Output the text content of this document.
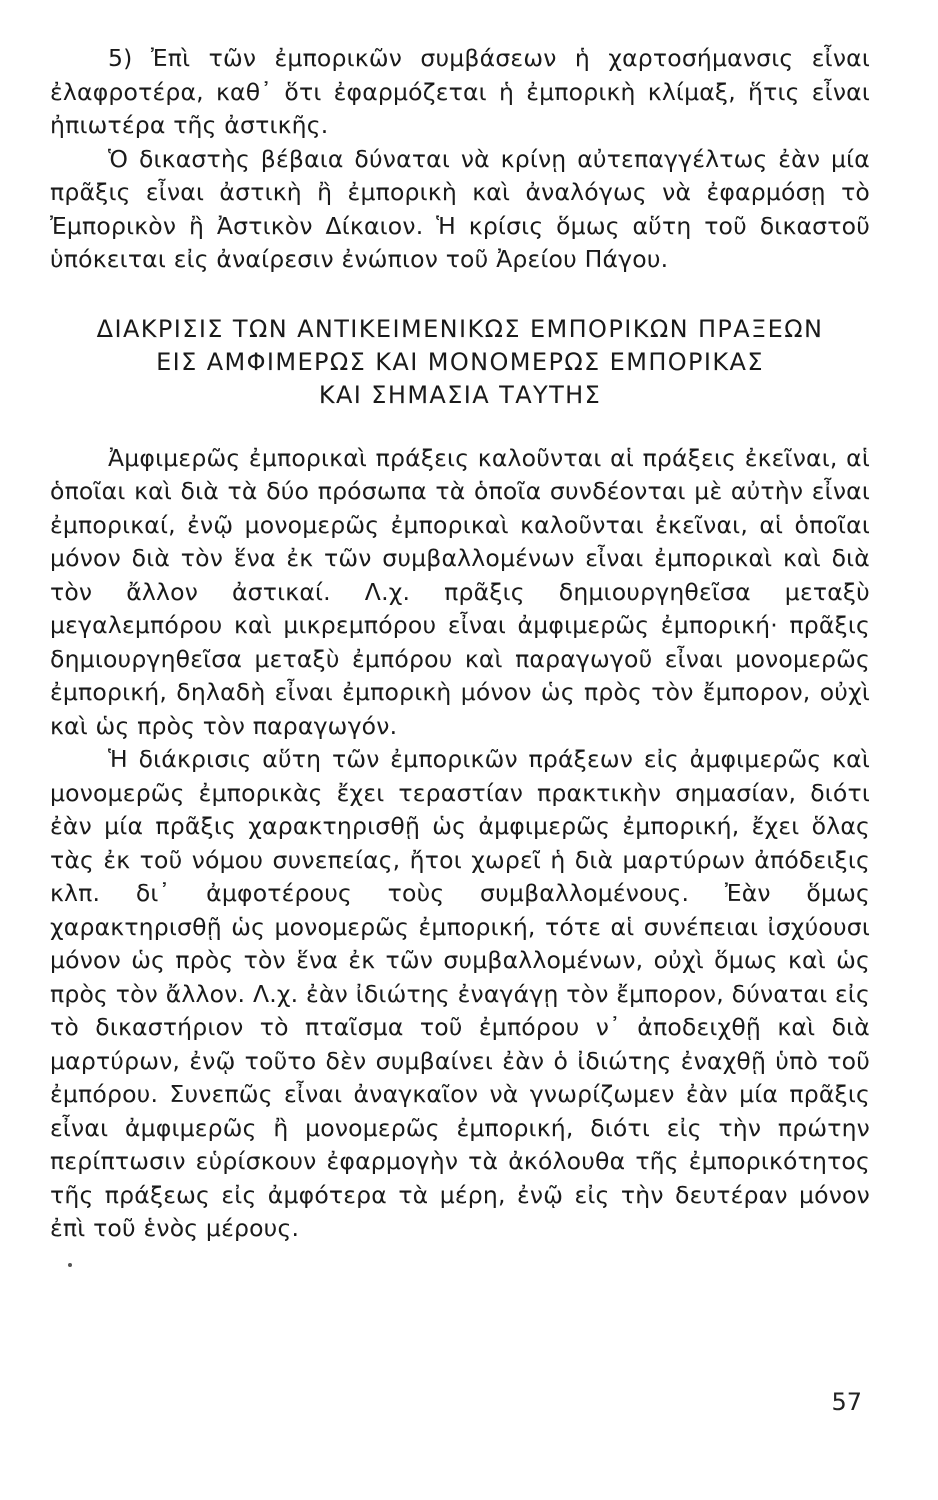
5) Ἐπὶ τῶν ἐμπορικῶν συμβάσεων ἡ χαρτοσήμανσις εἶναι ἐλαφροτέρα, καθ᾿ ὅτι ἐφαρμόζεται ἡ ἐμπορικὴ κλίμαξ, ἥτις εἶναι ἠπιωτέρα τῆς ἀστικῆς.

Ὁ δικαστὴς βέβαια δύναται νὰ κρίνῃ αὐτεπαγγέλτως ἐὰν μία πρᾶξις εἶναι ἀστικὴ ἢ ἐμπορικὴ καὶ ἀναλόγως νὰ ἐφαρμόσῃ τὸ Ἐμπορικὸν ἢ Ἀστικὸν Δίκαιον. Ἡ κρίσις ὅμως αὕτη τοῦ δικαστοῦ ὑπόκειται εἰς ἀναίρεσιν ἐνώπιον τοῦ Ἀρείου Πάγου.

ΔΙΑΚΡΙΣΙΣ ΤΩΝ ΑΝΤΙΚΕΙΜΕΝΙΚΩΣ ΕΜΠΟΡΙΚΩΝ ΠΡΑΞΕΩΝ
ΕΙΣ ΑΜΦΙΜΕΡΩΣ ΚΑΙ ΜΟΝΟΜΕΡΩΣ ΕΜΠΟΡΙΚΑΣ
ΚΑΙ ΣΗΜΑΣΙΑ ΤΑΥΤΗΣ

Ἀμφιμερῶς ἐμπορικαὶ πράξεις καλοῦνται αἱ πράξεις ἐκεῖναι, αἱ ὁποῖαι καὶ διὰ τὰ δύο πρόσωπα τὰ ὁποῖα συνδέονται μὲ αὐτὴν εἶναι ἐμπορικαί, ἐνῷ μονομερῶς ἐμπορικαὶ καλοῦνται ἐκεῖναι, αἱ ὁποῖαι μόνον διὰ τὸν ἕνα ἐκ τῶν συμβαλλομένων εἶναι ἐμπορικαὶ καὶ διὰ τὸν ἄλλον ἀστικαί. Λ.χ. πρᾶξις δημιουργηθεῖσα μεταξὺ μεγαλεμπόρου καὶ μικρεμπόρου εἶναι ἀμφιμερῶς ἐμπορική· πρᾶξις δημιουργηθεῖσα μεταξὺ ἐμπόρου καὶ παραγωγοῦ εἶναι μονομερῶς ἐμπορική, δηλαδὴ εἶναι ἐμπορικὴ μόνον ὡς πρὸς τὸν ἔμπορον, οὐχὶ καὶ ὡς πρὸς τὸν παραγωγόν.

Ἡ διάκρισις αὕτη τῶν ἐμπορικῶν πράξεων εἰς ἀμφιμερῶς καὶ μονομερῶς ἐμπορικὰς ἔχει τεραστίαν πρακτικὴν σημασίαν, διότι ἐὰν μία πρᾶξις χαρακτηρισθῇ ὡς ἀμφιμερῶς ἐμπορική, ἔχει ὅλας τὰς ἐκ τοῦ νόμου συνεπείας, ἤτοι χωρεῖ ἡ διὰ μαρτύρων ἀπόδειξις κλπ. δι᾿ ἀμφοτέρους τοὺς συμβαλλομένους. Ἐὰν ὅμως χαρακτηρισθῇ ὡς μονομερῶς ἐμπορική, τότε αἱ συνέπειαι ἰσχύουσι μόνον ὡς πρὸς τὸν ἕνα ἐκ τῶν συμβαλλομένων, οὐχὶ ὅμως καὶ ὡς πρὸς τὸν ἄλλον. Λ.χ. ἐὰν ἰδιώτης ἐναγάγῃ τὸν ἔμπορον, δύναται εἰς τὸ δικαστήριον τὸ πταῖσμα τοῦ ἐμπόρου ν᾿ ἀποδειχθῇ καὶ διὰ μαρτύρων, ἐνῷ τοῦτο δὲν συμβαίνει ἐὰν ὁ ἰδιώτης ἐναχθῇ ὑπὸ τοῦ ἐμπόρου. Συνεπῶς εἶναι ἀναγκαῖον νὰ γνωρίζωμεν ἐὰν μία πρᾶξις εἶναι ἀμφιμερῶς ἢ μονομερῶς ἐμπορική, διότι εἰς τὴν πρώτην περίπτωσιν εὑρίσκουν ἐφαρμογὴν τὰ ἀκόλουθα τῆς ἐμπορικότητος τῆς πράξεως εἰς ἀμφότερα τὰ μέρη, ἐνῷ εἰς τὴν δευτέραν μόνον ἐπὶ τοῦ ἑνὸς μέρους.

57
